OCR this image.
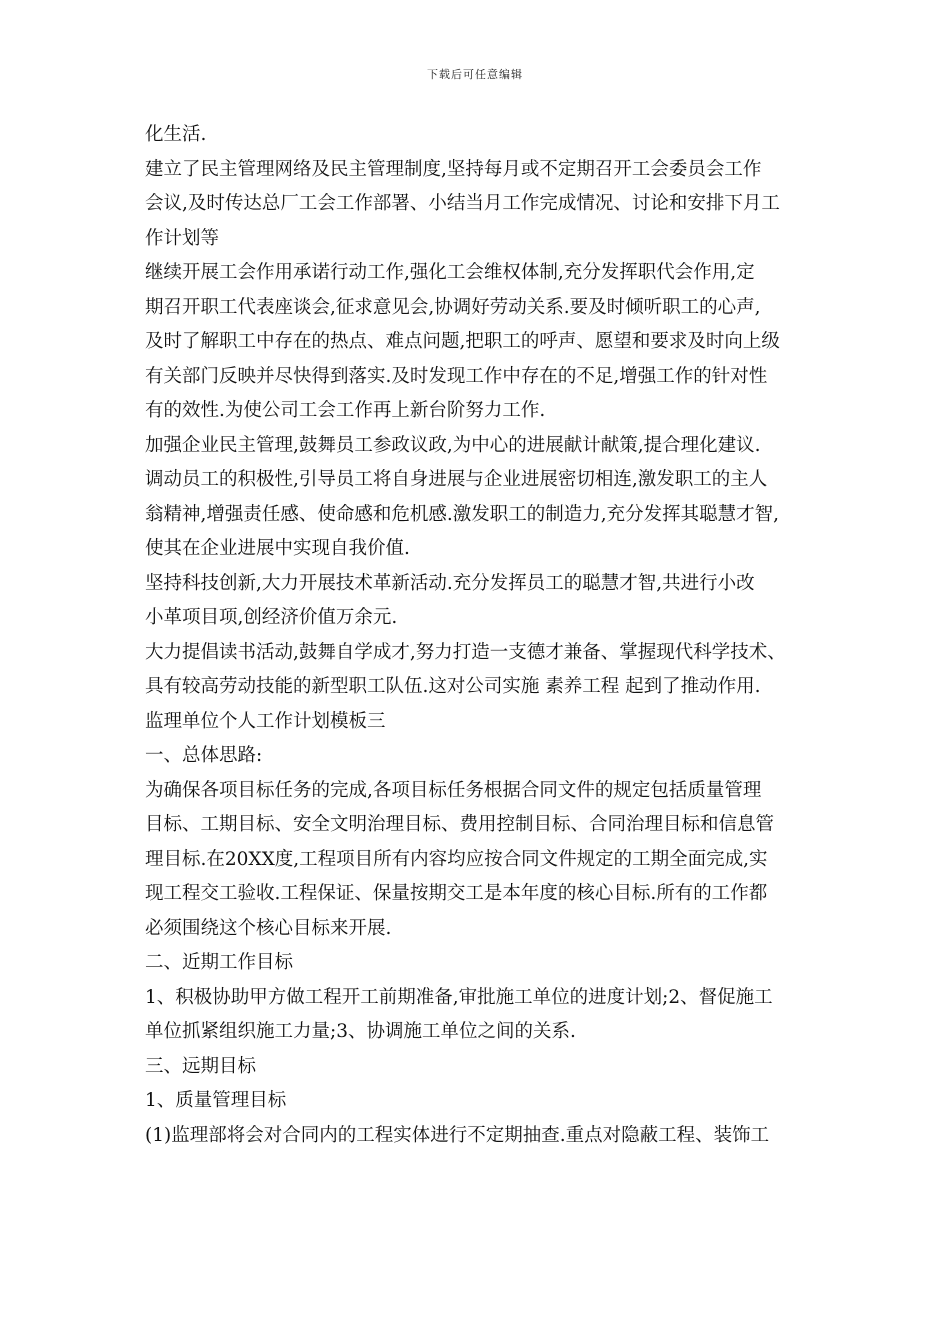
下载后可任意编辑
化生活.
建立了民主管理网络及民主管理制度,坚持每月或不定期召开工会委员会工作
会议,及时传达总厂工会工作部署、小结当月工作完成情况、讨论和安排下月工
作计划等
继续开展工会作用承诺行动工作,强化工会维权体制,充分发挥职代会作用,定
期召开职工代表座谈会,征求意见会,协调好劳动关系.要及时倾听职工的心声,
及时了解职工中存在的热点、难点问题,把职工的呼声、愿望和要求及时向上级
有关部门反映并尽快得到落实.及时发现工作中存在的不足,增强工作的针对性
有的效性.为使公司工会工作再上新台阶努力工作.
加强企业民主管理,鼓舞员工参政议政,为中心的进展献计献策,提合理化建议.
调动员工的积极性,引导员工将自身进展与企业进展密切相连,激发职工的主人
翁精神,增强责任感、使命感和危机感.激发职工的制造力,充分发挥其聪慧才智,
使其在企业进展中实现自我价值.
坚持科技创新,大力开展技术革新活动.充分发挥员工的聪慧才智,共进行小改
小革项目项,创经济价值万余元.
大力提倡读书活动,鼓舞自学成才,努力打造一支德才兼备、掌握现代科学技术、
具有较高劳动技能的新型职工队伍.这对公司实施 素养工程 起到了推动作用.
监理单位个人工作计划模板三
一、总体思路:
为确保各项目标任务的完成,各项目标任务根据合同文件的规定包括质量管理
目标、工期目标、安全文明治理目标、费用控制目标、合同治理目标和信息管
理目标.在20XX度,工程项目所有内容均应按合同文件规定的工期全面完成,实
现工程交工验收.工程保证、保量按期交工是本年度的核心目标.所有的工作都
必须围绕这个核心目标来开展.
二、近期工作目标
1、积极协助甲方做工程开工前期准备,审批施工单位的进度计划;2、督促施工
单位抓紧组织施工力量;3、协调施工单位之间的关系.
三、远期目标
1、质量管理目标
(1)监理部将会对合同内的工程实体进行不定期抽查.重点对隐蔽工程、装饰工
